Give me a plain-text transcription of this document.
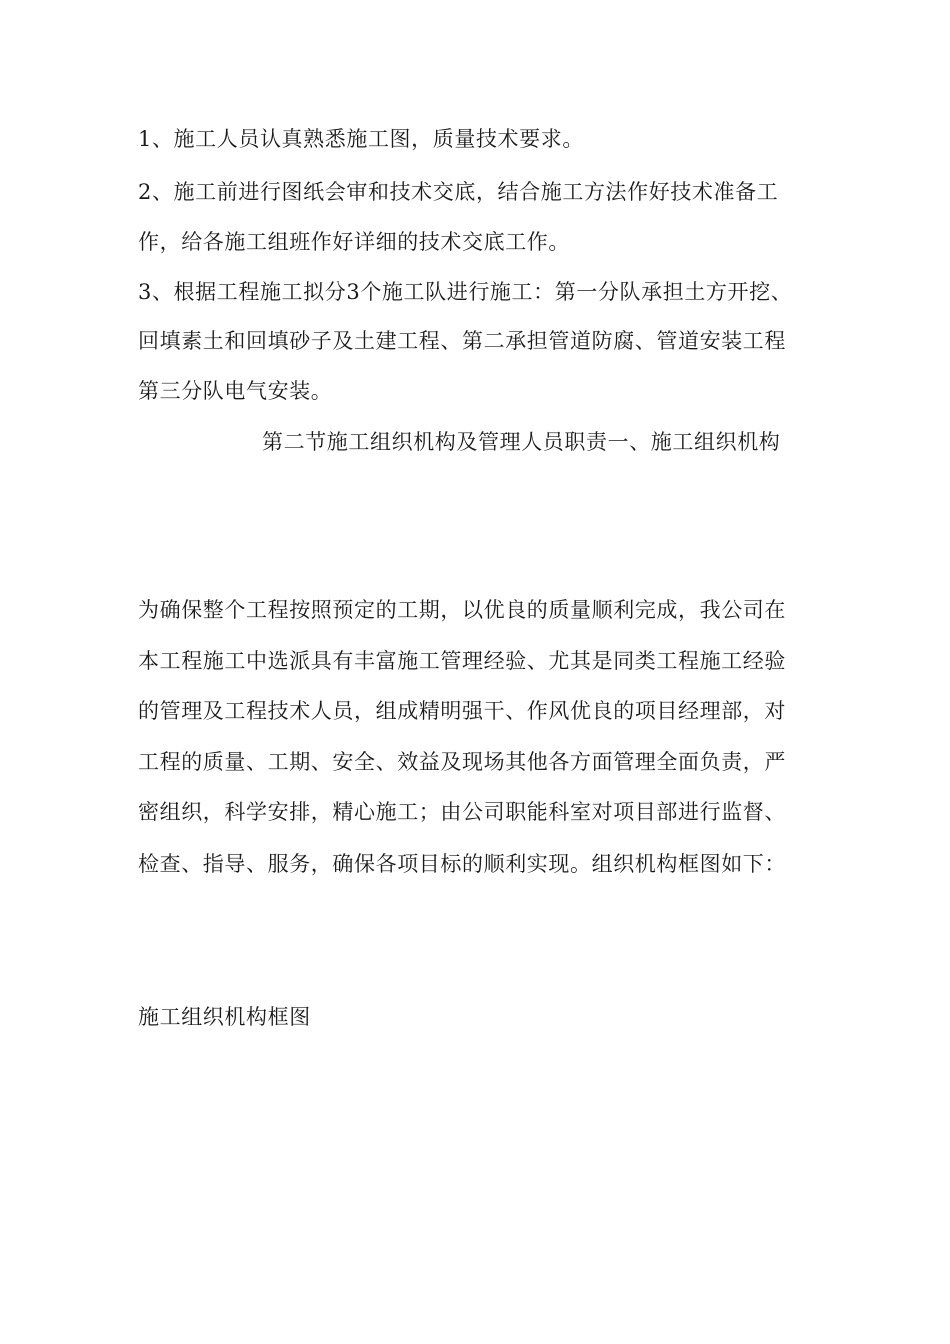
1、施工人员认真熟悉施工图，质量技术要求。
2、施工前进行图纸会审和技术交底，结合施工方法作好技术准备工
作，给各施工组班作好详细的技术交底工作。
3、根据工程施工拟分3个施工队进行施工：第一分队承担土方开挖、
回填素土和回填砂子及土建工程、第二承担管道防腐、管道安装工程
第三分队电气安装。
第二节施工组织机构及管理人员职责一、施工组织机构
为确保整个工程按照预定的工期，以优良的质量顺利完成，我公司在
本工程施工中选派具有丰富施工管理经验、尤其是同类工程施工经验
的管理及工程技术人员，组成精明强干、作风优良的项目经理部，对
工程的质量、工期、安全、效益及现场其他各方面管理全面负责，严
密组织，科学安排，精心施工；由公司职能科室对项目部进行监督、
检查、指导、服务，确保各项目标的顺利实现。组织机构框图如下：
施工组织机构框图
